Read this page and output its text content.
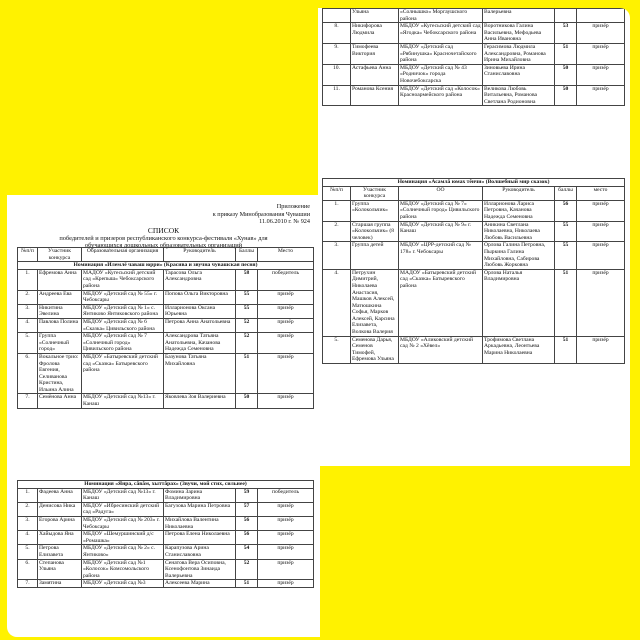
Приложение
к приказу Минобразования Чувашии
11.06.2010 г. № 924
СПИСОК
победителей и призеров республиканского конкурса-фестиваля «Хунав» для
обучающихся дошкольных образовательных организаций
№п/п	Участник конкурса	Образовательная организация	Руководитель	Баллы	Место
Номинация «Илемлё чаваш юрри» (Красива и звучна чувашская песня)					
1.	Ефремова Анна	МАДОУ «Кугесьский детский сад «Крепыш» Чебоксарского района	Тарасова Ольга Александровна	58	победитель
2.	Андреева Ева	МБДОУ «Детский сад № 55» г. Чебоксары	Попова Ольга Викторовна	55	призёр
3.	Никитина Эвелина	МБДОУ «Детский сад № 1» с. Янтиково Янтиковского района	Илларионова Оксана Юрьевна	55	призёр
4.	Павлова Полина	МБДОУ «Детский сад № 6 «Сказка» Цивильского района	Петрова Анна Анатольевна	52	призёр
5.	Группа «Солнечный город»	МБДОУ «Детский сад № 7 «Солнечный город» Цивильского района	Александрова Татьяна Анатольевна, Качанова Надежда Семеновна	52	призёр
6.	Вокальное трио: Фролова Евгения, Селиванова Кристина, Ильина Алина	МБДОУ «Батыревский детский сад «Сказка» Батыревского района	Базунова Татьяна Михайловна	51	призёр
7.	Семёнова Анна	МБДОУ «Детский сад №13» г. Канаш	Яковлева Зоя Валериевна	50	призёр
Номинация «Янра, сăвăм, хыттăрах» (Звучи, мой стих, сильнее)					
1.	Фадеева Анна	МБДОУ «Детский сад №13» г. Канаш	Фомина Зарина Владимировна	59	победитель
2.	Денисова Ника	МБДОУ «Ибресинский детский сад «Радуга»	Багузова Марина Петровна	57	призёр
3.	Егорова Арина	МБДОУ «Детский сад № 203» г. Чебоксары	Михайлова Валентина Николаевна	56	призёр
4.	Хайыдова Яна	МБДОУ «Шемуршинский д/с «Ромашка»	Петрова Елена Николаевна	56	призёр
5.	Петрова Елизавета	МБДОУ «Детский сад № 2» с. Янтиково»	Карапузова Арина Станиславовна	54	призёр
6.	Степанова Ульяна	МБДОУ «Детский сад №1 «Колосок» Комсомольского района	Сенатова Вера Осиповна, Ксенофонтова Зинаида Валерьевна	52	призёр
7.	Замятина	МБДОУ «Детский сад №3	Алексеева Марина	51	призёр
	Ульяна	«Солнышко» Моргаушского района	Валерьевна		
8.	Никифорова Людмила	МБДОУ «Кугесьский детский сад «Ягодка» Чебоксарского района	Воротникова Галина Васильевна, Мефодьева Анна Ивановна	53	призёр
9.	Тимофеева Виктория	МБДОУ «Детский сад «Рябинушка» Красночетайского района	Герасимова Людмила Александровна, Романова Ирина Михайловна	51	призёр
10.	Астафьева Анна	МБДОУ «Детский сад № 43 «Родничок» города Новочебоксарска	Зиновьева Ирина Станиславовна	50	призёр
11.	Романова Ксения	МБДОУ «Детский сад «Колосок» Красноармейского района	Великова Любовь Витальевна, Романова Светлана Родионовна	50	призёр
Номинация «Асамлă юмах тĕнчи» (Волшебный мир сказок)					
№п/п	Участник конкурса	ОО	Руководитель	баллы	место
1.	Группа «Колокольчик»	МБДОУ «Детский сад № 7» «Солнечный город» Цивильского района	Илларионова Лариса Петровна, Качанова Надежда Семеновна	56	призёр
2.	Старшая группа «Колокольчик» (8 человек)	МБДОУ «Детский сад № 9» г. Канаш	Аникина Светлана Николаевна, Николаева Любовь Васильевна	55	призёр
3.	Группа детей	МБДОУ «ЦРР-детский сад № 178» г. Чебоксары	Орлова Галина Петровна, Пыркина Галина Михайловна, Сабирова Любовь Жорковна	55	призёр
4.	Петрухин Димитрий, Николаева Анастасия, Машков Алексей, Матюшкина Софья, Марков Алексей, Карсина Елизавета, Волкова Валерия	МАДОУ «Батыревский детский сад «Сказка» Батыревского района	Орлова Наталья Владимировна	51	призёр
5.	Семенова Дарья, Семенов Тимофей, Ефремова Ульяна	МБДОУ «Аликовский детский сад № 2 «Хĕвел»	Трофимова Светлана Аркадьевна, Леонтьева Марина Николаевна	51	призёр
